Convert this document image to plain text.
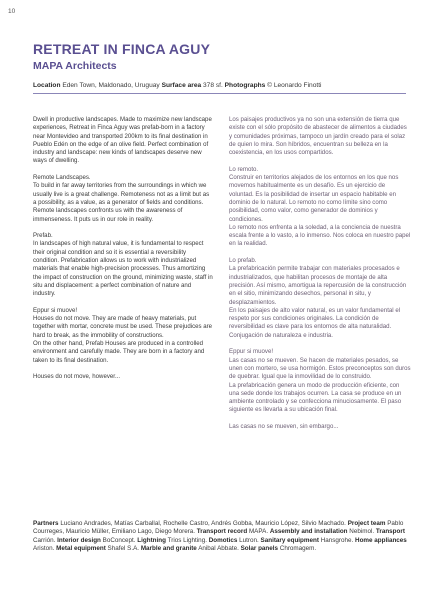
10
RETREAT IN FINCA AGUY
MAPA Architects
Location Eden Town, Maldonado, Uruguay Surface area 378 sf. Photographs © Leonardo Finotti

Dwell in productive landscapes. Made to maximize new landscape experiences, Retreat in Finca Aguy was prefab-born in a factory near Montevideo and transported 200km to its final destination in Pueblo Edén on the edge of an olive field. Perfect combination of industry and landscape: new kinds of landscapes deserve new ways of dwelling.

Remote Landscapes.
To build in far away territories from the surroundings in which we usually live is a great challenge. Remoteness not as a limit but as a possibility, as a value, as a generator of fields and conditions. Remote landscapes confronts us with the awareness of immenseness. It puts us in our role in reality.

Prefab.
In landscapes of high natural value, it is fundamental to respect their original condition and so it is essential a reversibility condition. Prefabrication allows us to work with industrialized materials that enable high-precision processes. Thus amortizing the impact of construction on the ground, minimizing waste, staff in situ and displacement: a perfect combination of nature and industry.

Eppur si muove!
Houses do not move. They are made of heavy materials, put together with mortar, concrete must be used. These prejudices are hard to break, as the immobility of constructions.
On the other hand, Prefab Houses are produced in a controlled environment and carefully made. They are born in a factory and taken to its final destination.

Houses do not move, however...

Los paisajes productivos ya no son una extensión de tierra que existe con el sólo propósito de abastecer de alimentos a ciudades y comunidades próximas, tampoco un jardín creado para el solaz de quien lo mira. Son híbridos, encuentran su belleza en la coexistencia, en los usos compartidos.

Lo remoto.
Construir en territorios alejados de los entornos en los que nos movemos habitualmente es un desafío. Es un ejercicio de voluntad. Es la posibilidad de insertar un espacio habitable en dominio de lo natural. Lo remoto no como límite sino como posibilidad, como valor, como generador de dominios y condiciones.
Lo remoto nos enfrenta a la soledad, a la conciencia de nuestra escala frente a lo vasto, a lo inmenso. Nos coloca en nuestro papel en la realidad.

Lo prefab.
La prefabricación permite trabajar con materiales procesados e industrializados, que habilitan procesos de montaje de alta precisión. Así mismo, amortigua la repercusión de la construcción en el sitio, minimizando desechos, personal in situ, y desplazamientos.
En los paisajes de alto valor natural, es un valor fundamental el respeto por sus condiciones originales. La condición de reversibilidad es clave para los entornos de alta naturalidad. Conjugación de naturaleza e industria.

Eppur si muove!
Las casas no se mueven. Se hacen de materiales pesados, se unen con mortero, se usa hormigón. Estos preconceptos son duros de quebrar. Igual que la inmovilidad de lo construido.
La prefabricación genera un modo de producción eficiente, con una sede donde los trabajos ocurren. La casa se produce en un ambiente controlado y se confecciona minuciosamente. El paso siguiente es llevarla a su ubicación final.

Las casas no se mueven, sin embargo...

Partners Luciano Andrades, Matías Carballal, Rochelle Castro, Andrés Gobba, Mauricio López, Silvio Machado. Project team Pablo Courreges, Mauricio Müller, Emiliano Lago, Diego Morera. Transport record MAPA. Assembly and installation Nebimol. Transport Carrión. Interior design BoConcept. Lightning Trios Lighting. Domotics Lutron. Sanitary equipment Hansgrohe. Home appliances Ariston. Metal equipment Shafel S.A. Marble and granite Anibal Abbate. Solar panels Chromagem.
